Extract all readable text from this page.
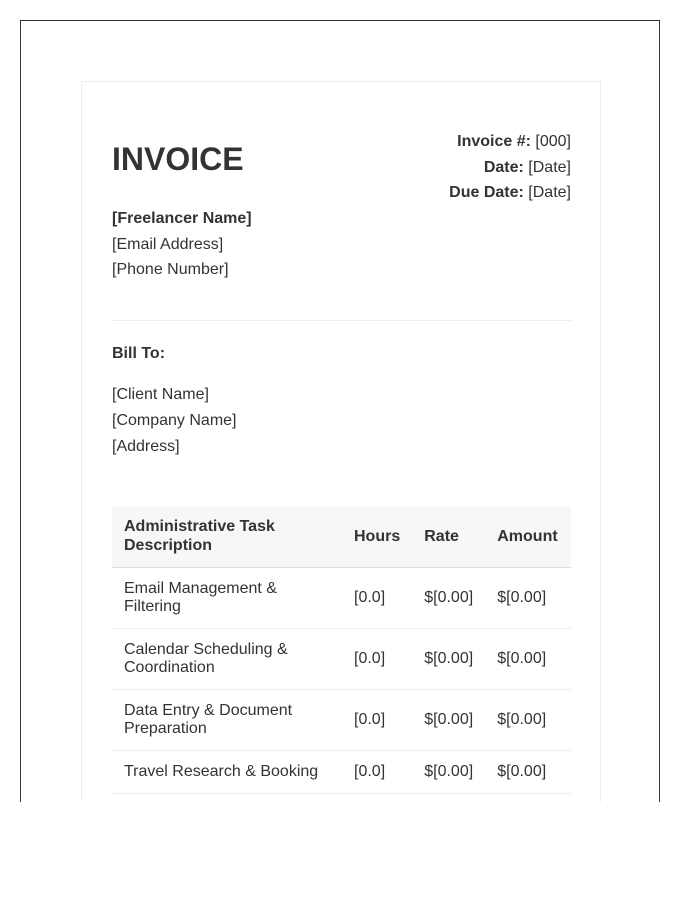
INVOICE	Invoice #: [000]
Date: [Date]
Due Date: [Date]
[Freelancer Name]
[Email Address]
[Phone Number]
Bill To:
[Client Name]
[Company Name]
[Address]
Administrative Task Description	Hours	Rate	Amount
Email Management & Filtering	[0.0]	$[0.00]	$[0.00]
Calendar Scheduling & Coordination	[0.0]	$[0.00]	$[0.00]
Data Entry & Document Preparation	[0.0]	$[0.00]	$[0.00]
Travel Research & Booking	[0.0]	$[0.00]	$[0.00]
